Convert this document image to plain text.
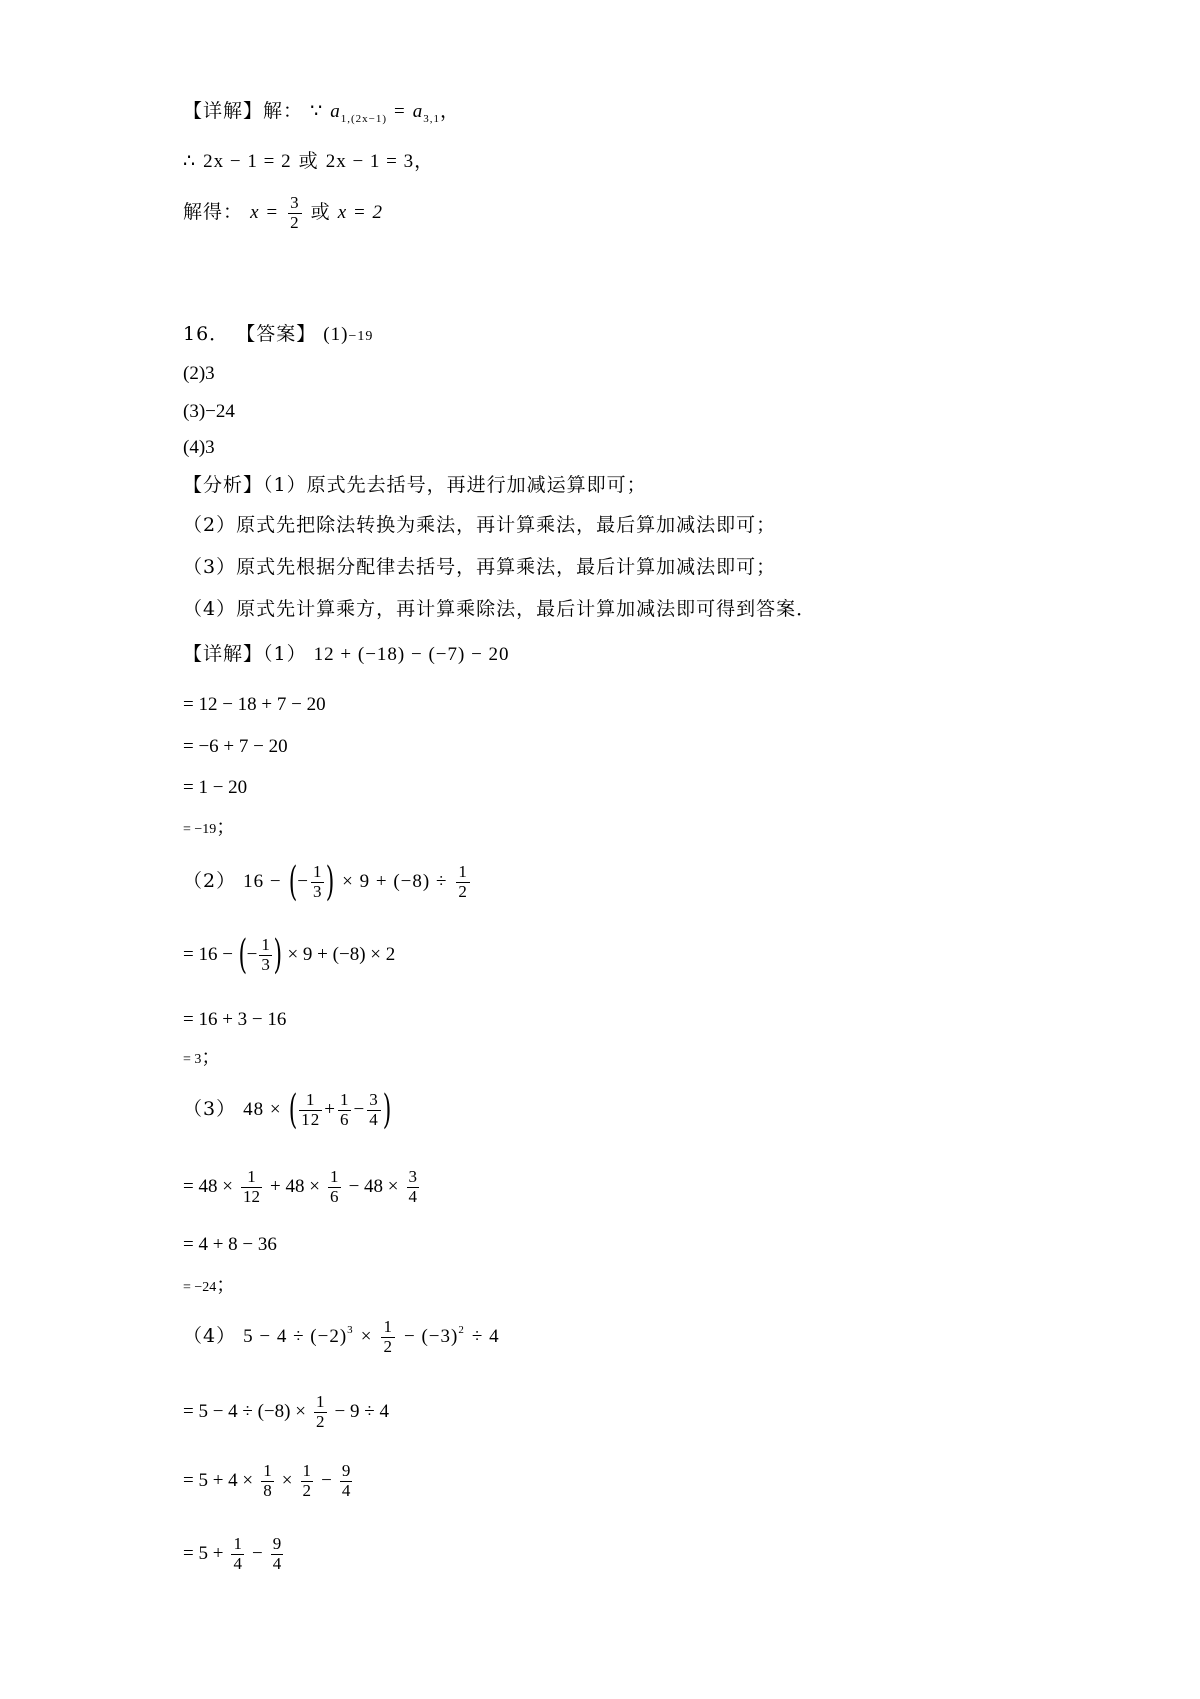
【详解】解： ∵ $a_{1,(2x-1)} = a_{3,1}$，
∴ 2x − 1 = 2 或 2x − 1 = 3，
解得： $x = \frac{3}{2}$ 或 x = 2
16． 【答案】 (1)−19
(2)3
(3)−24
(4)3
【分析】（1）原式先去括号，再进行加减运算即可；
（2）原式先把除法转换为乘法，再计算乘法，最后算加减法即可；
（3）原式先根据分配律去括号，再算乘法，最后计算加减法即可；
（4）原式先计算乘方，再计算乘除法，最后计算加减法即可得到答案．
【详解】（1） 12 + (−18) − (−7) − 20
= 12 − 18 + 7 − 20
= −6 + 7 − 20
= 1 − 20
= −19；
（2） 16 − (− $\frac{1}{3}$ ) × $9 + (-8) \div \frac{1}{2}$
= 16 − (− $\frac{1}{3}$ ) × 9 + (−8) × 2
= 16 + 3 − 16
= 3；
（3） 48 × ( $\frac{1}{12} + \frac{1}{6} - \frac{3}{4}$ )
= $48 \times \frac{1}{12} + 48 \times \frac{1}{6} - 48 \times \frac{3}{4}$
= 4 + 8 − 36
= −24；
（4） $5 - 4 \div (-2)^3 \times \frac{1}{2} - (-3)^2 \div 4$
= $5 - 4 \div (-8) \times \frac{1}{2} - 9 \div 4$
= $5 + 4 \times \frac{1}{8} \times \frac{1}{2} - \frac{9}{4}$
= $5 + \frac{1}{4} - \frac{9}{4}$
